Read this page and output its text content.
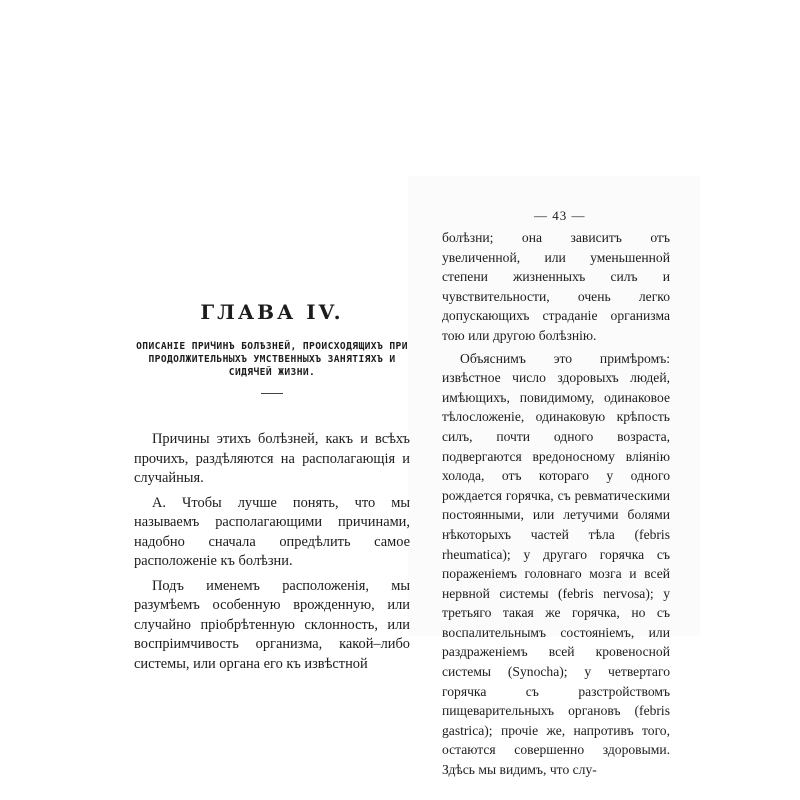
ГЛАВА IV.
ОПИСАНІЕ ПРИЧИНЪ БОЛѢЗНЕЙ, ПРОИСХОДЯЩИХЪ ПРИ ПРОДОЛЖИТЕЛЬНЫХЪ УМСТВЕННЫХЪ ЗАНЯТІЯХЪ И СИДЯЧЕЙ ЖИЗНИ.

Причины этихъ болѣзней, какъ и всѣхъ прочихъ, раздѣляются на располагающія и случайныя.

А. Чтобы лучше понять, что мы называемъ располагающими причинами, надобно сначала опредѣлить самое расположеніе къ болѣзни.

Подъ именемъ расположенія, мы разумѣемъ особенную врожденную, или случайно пріобрѣтенную склонность, или воспріимчивость организма, какой–либо системы, или органа его къ извѣстной

— 43 —

болѣзни; она зависитъ отъ увеличенной, или уменьшенной степени жизненныхъ силъ и чувствительности, очень легко допускающихъ страданіе организма тою или другою болѣзнію.

Объяснимъ это примѣромъ: извѣстное число здоровыхъ людей, имѣющихъ, повидимому, одинаковое тѣлосложеніе, одинаковую крѣпость силъ, почти одного возраста, подвергаются вредоносному вліянію холода, отъ котораго у одного рождается горячка, съ ревматическими постоянными, или летучими болями нѣкоторыхъ частей тѣла (febris rheumatica); у другаго горячка съ пораженіемъ головнаго мозга и всей нервной системы (febris nervosa); у третьяго такая же горячка, но съ воспалительнымъ состояніемъ, или раздраженіемъ всей кровеносной системы (Synocha); у четвертаго горячка съ разстройствомъ пищеварительныхъ органовъ (febris gastrica); прочіе же, напротивъ того, остаются совершенно здоровыми. Здѣсь мы видимъ, что слу-
